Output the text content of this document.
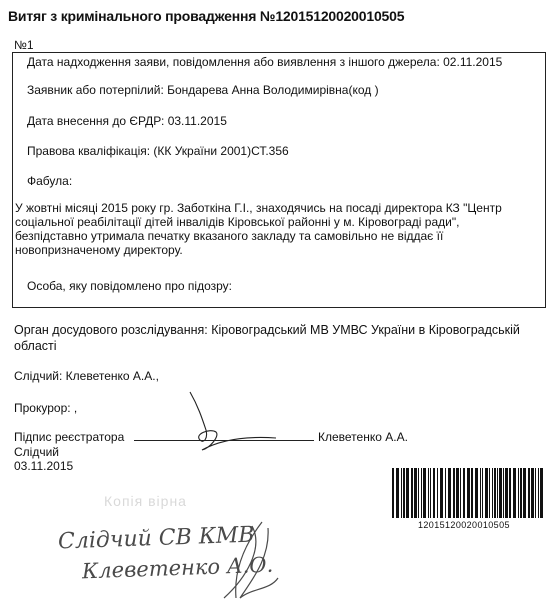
Витяг з кримінального провадження №12015120020010505
№1
Дата надходження заяви, повідомлення або виявлення з іншого джерела: 02.11.2015
Заявник або потерпілий: Бондарева Анна Володимирівна(код )
Дата внесення до ЄРДР: 03.11.2015
Правова кваліфікація: (КК України 2001)СТ.356
Фабула:
У жовтні місяці 2015 року гр. Заботкіна Г.І., знаходячись на посаді директора КЗ "Центр соціальної реабілітації дітей інвалідів Кіровської районні у м. Кіровограді ради", безпідставно утримала печатку вказаного закладу та самовільно не віддає її новопризначеному директору.
Особа, яку повідомлено про підозру:
Орган досудового розслідування: Кіровоградський МВ УМВС України в Кіровоградській області
Слідчий: Клеветенко А.А.,
Прокурор: ,
Підпис реєстратора	Клеветенко А.А.
Слідчий
03.11.2015
Копія вірна
Слідчий СВ КМВ
Клеветенко А.О.
12015120020010505
